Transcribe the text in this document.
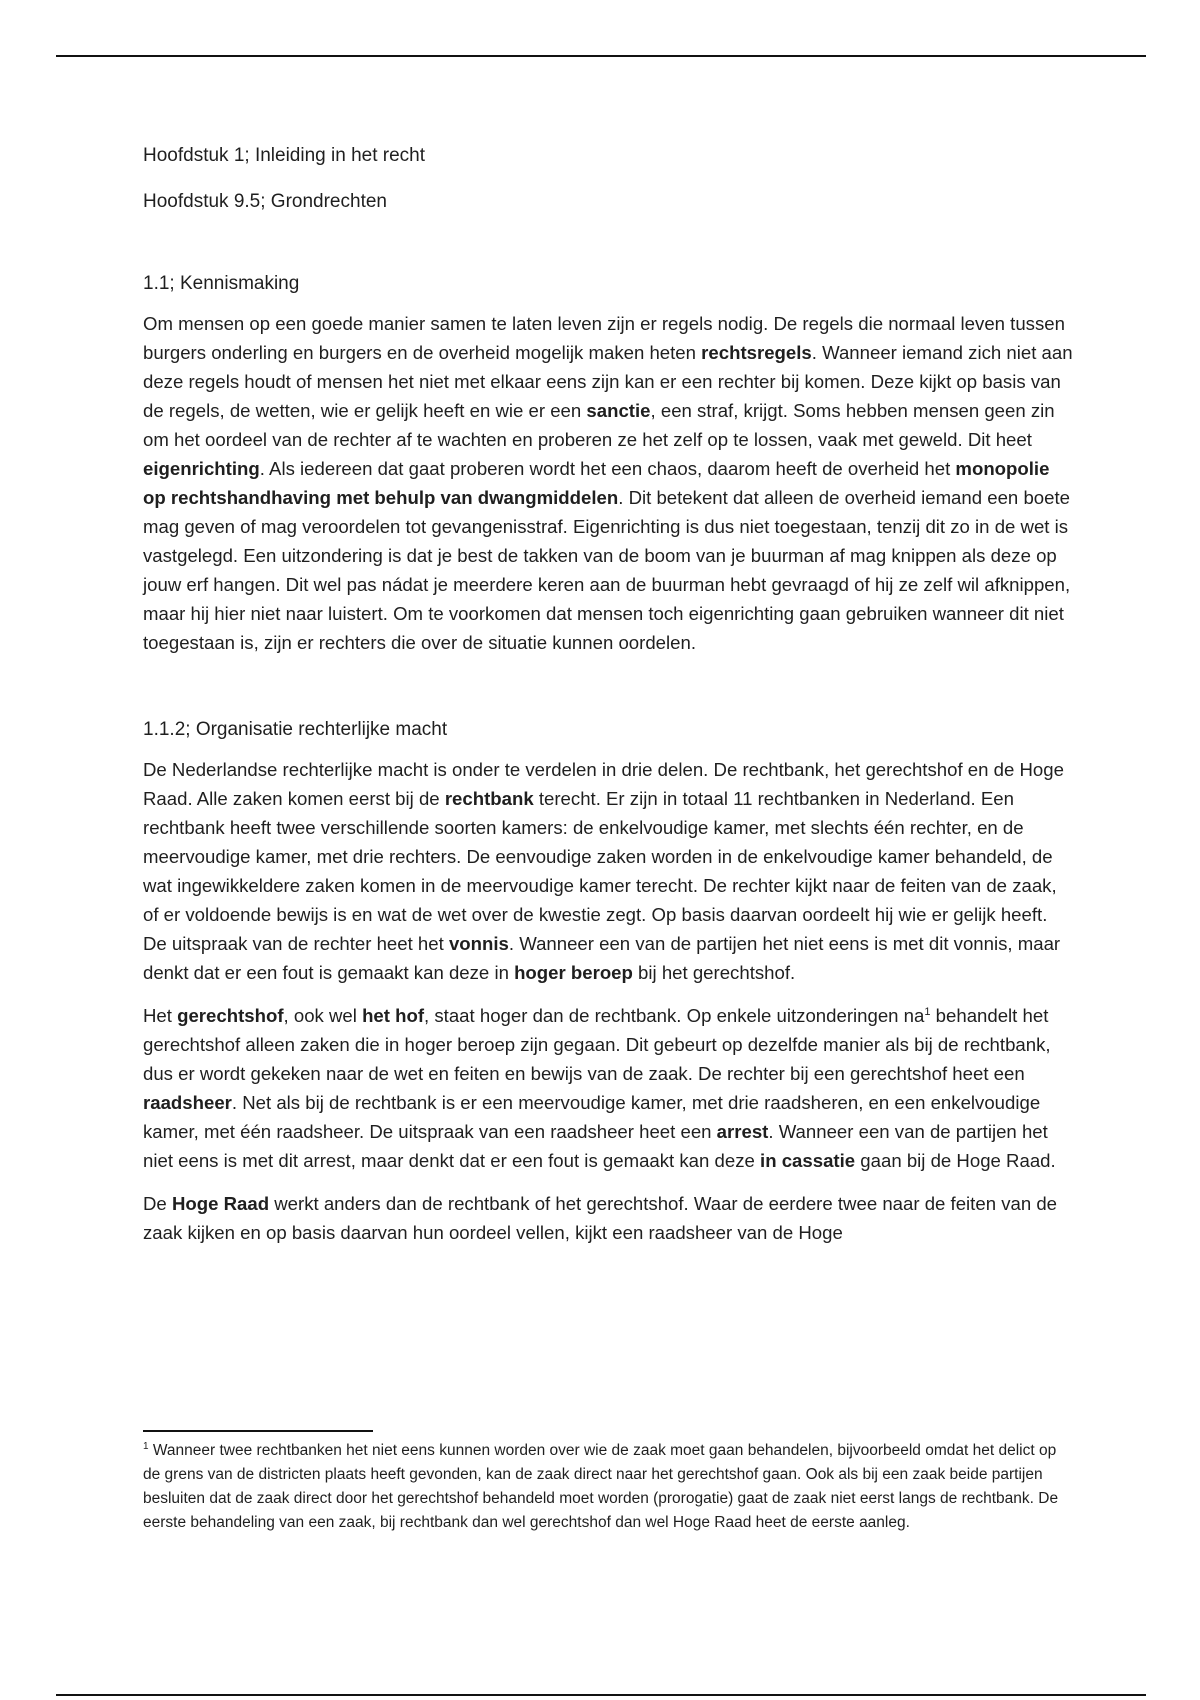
Hoofdstuk 1; Inleiding in het recht
Hoofdstuk 9.5; Grondrechten
1.1; Kennismaking

Om mensen op een goede manier samen te laten leven zijn er regels nodig. De regels die normaal leven tussen burgers onderling en burgers en de overheid mogelijk maken heten rechtsregels. Wanneer iemand zich niet aan deze regels houdt of mensen het niet met elkaar eens zijn kan er een rechter bij komen. Deze kijkt op basis van de regels, de wetten, wie er gelijk heeft en wie er een sanctie, een straf, krijgt. Soms hebben mensen geen zin om het oordeel van de rechter af te wachten en proberen ze het zelf op te lossen, vaak met geweld. Dit heet eigenrichting. Als iedereen dat gaat proberen wordt het een chaos, daarom heeft de overheid het monopolie op rechtshandhaving met behulp van dwangmiddelen. Dit betekent dat alleen de overheid iemand een boete mag geven of mag veroordelen tot gevangenisstraf. Eigenrichting is dus niet toegestaan, tenzij dit zo in de wet is vastgelegd. Een uitzondering is dat je best de takken van de boom van je buurman af mag knippen als deze op jouw erf hangen. Dit wel pas nádat je meerdere keren aan de buurman hebt gevraagd of hij ze zelf wil afknippen, maar hij hier niet naar luistert. Om te voorkomen dat mensen toch eigenrichting gaan gebruiken wanneer dit niet toegestaan is, zijn er rechters die over de situatie kunnen oordelen.

1.1.2; Organisatie rechterlijke macht

De Nederlandse rechterlijke macht is onder te verdelen in drie delen. De rechtbank, het gerechtshof en de Hoge Raad. Alle zaken komen eerst bij de rechtbank terecht. Er zijn in totaal 11 rechtbanken in Nederland. Een rechtbank heeft twee verschillende soorten kamers: de enkelvoudige kamer, met slechts één rechter, en de meervoudige kamer, met drie rechters. De eenvoudige zaken worden in de enkelvoudige kamer behandeld, de wat ingewikkeldere zaken komen in de meervoudige kamer terecht. De rechter kijkt naar de feiten van de zaak, of er voldoende bewijs is en wat de wet over de kwestie zegt. Op basis daarvan oordeelt hij wie er gelijk heeft. De uitspraak van de rechter heet het vonnis. Wanneer een van de partijen het niet eens is met dit vonnis, maar denkt dat er een fout is gemaakt kan deze in hoger beroep bij het gerechtshof.

Het gerechtshof, ook wel het hof, staat hoger dan de rechtbank. Op enkele uitzonderingen na$^1$ behandelt het gerechtshof alleen zaken die in hoger beroep zijn gegaan. Dit gebeurt op dezelfde manier als bij de rechtbank, dus er wordt gekeken naar de wet en feiten en bewijs van de zaak. De rechter bij een gerechtshof heet een raadsheer. Net als bij de rechtbank is er een meervoudige kamer, met drie raadsheren, en een enkelvoudige kamer, met één raadsheer. De uitspraak van een raadsheer heet een arrest. Wanneer een van de partijen het niet eens is met dit arrest, maar denkt dat er een fout is gemaakt kan deze in cassatie gaan bij de Hoge Raad.

De Hoge Raad werkt anders dan de rechtbank of het gerechtshof. Waar de eerdere twee naar de feiten van de zaak kijken en op basis daarvan hun oordeel vellen, kijkt een raadsheer van de Hoge

$^1$ Wanneer twee rechtbanken het niet eens kunnen worden over wie de zaak moet gaan behandelen, bijvoorbeeld omdat het delict op de grens van de districten plaats heeft gevonden, kan de zaak direct naar het gerechtshof gaan. Ook als bij een zaak beide partijen besluiten dat de zaak direct door het gerechtshof behandeld moet worden (prorogatie) gaat de zaak niet eerst langs de rechtbank. De eerste behandeling van een zaak, bij rechtbank dan wel gerechtshof dan wel Hoge Raad heet de eerste aanleg.
